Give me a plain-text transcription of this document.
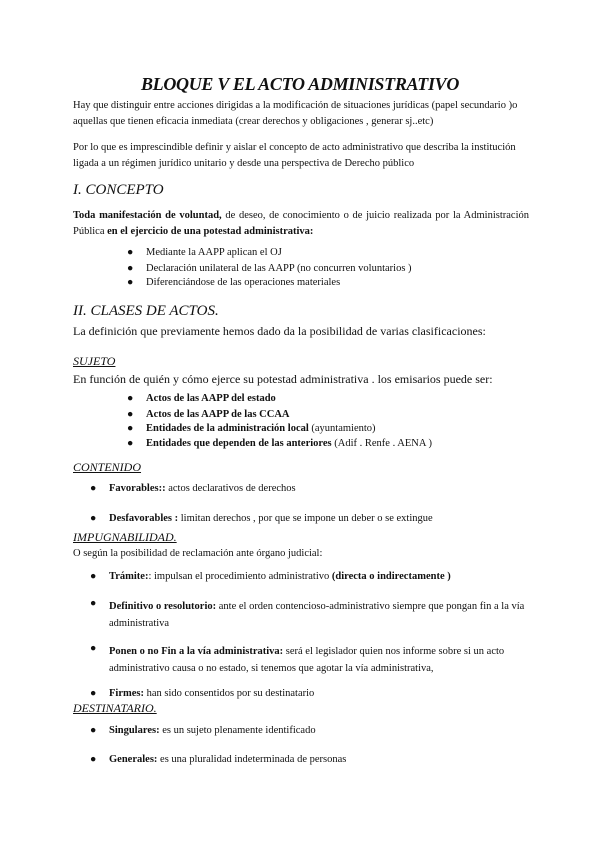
BLOQUE V EL ACTO ADMINISTRATIVO
Hay que distinguir entre acciones dirigidas a la modificación de situaciones jurídicas (papel secundario )o aquellas que tienen eficacia inmediata (crear derechos y obligaciones , generar sj..etc)
Por lo que es imprescindible definir y aislar el concepto de acto administrativo que describa la institución ligada a un régimen jurídico unitario y desde una perspectiva de Derecho público
I. CONCEPTO
Toda manifestación de voluntad, de deseo, de conocimiento o de juicio realizada por la Administración Pública en el ejercicio de una potestad administrativa:
● Mediante la AAPP aplican el OJ
● Declaración unilateral de las AAPP (no concurren voluntarios )
● Diferenciándose de las operaciones materiales
II. CLASES DE ACTOS.
La definición que previamente hemos dado da la posibilidad de varias clasificaciones:
SUJETO
En función de quién y cómo ejerce su potestad administrativa . los emisarios puede ser:
● Actos de las AAPP del estado
● Actos de las AAPP de las CCAA
● Entidades de la administración local (ayuntamiento)
● Entidades que dependen de las anteriores (Adif . Renfe . AENA )
CONTENIDO
● Favorables:: actos declarativos de derechos
● Desfavorables : limitan derechos , por que se impone un deber o se extingue
IMPUGNABILIDAD.
O según la posibilidad de reclamación ante órgano judicial:
● Trámite:: impulsan el procedimiento administrativo (directa o indirectamente )
● Definitivo o resolutorio: ante el orden contencioso-administrativo siempre que pongan fin a la vía administrativa
● Ponen o no Fin a la vía administrativa: será el legislador quien nos informe sobre si un acto administrativo causa o no estado, si tenemos que agotar la vía administrativa,
● Firmes: han sido consentidos por su destinatario
DESTINATARIO.
● Singulares: es un sujeto plenamente identificado
● Generales: es una pluralidad indeterminada de personas
